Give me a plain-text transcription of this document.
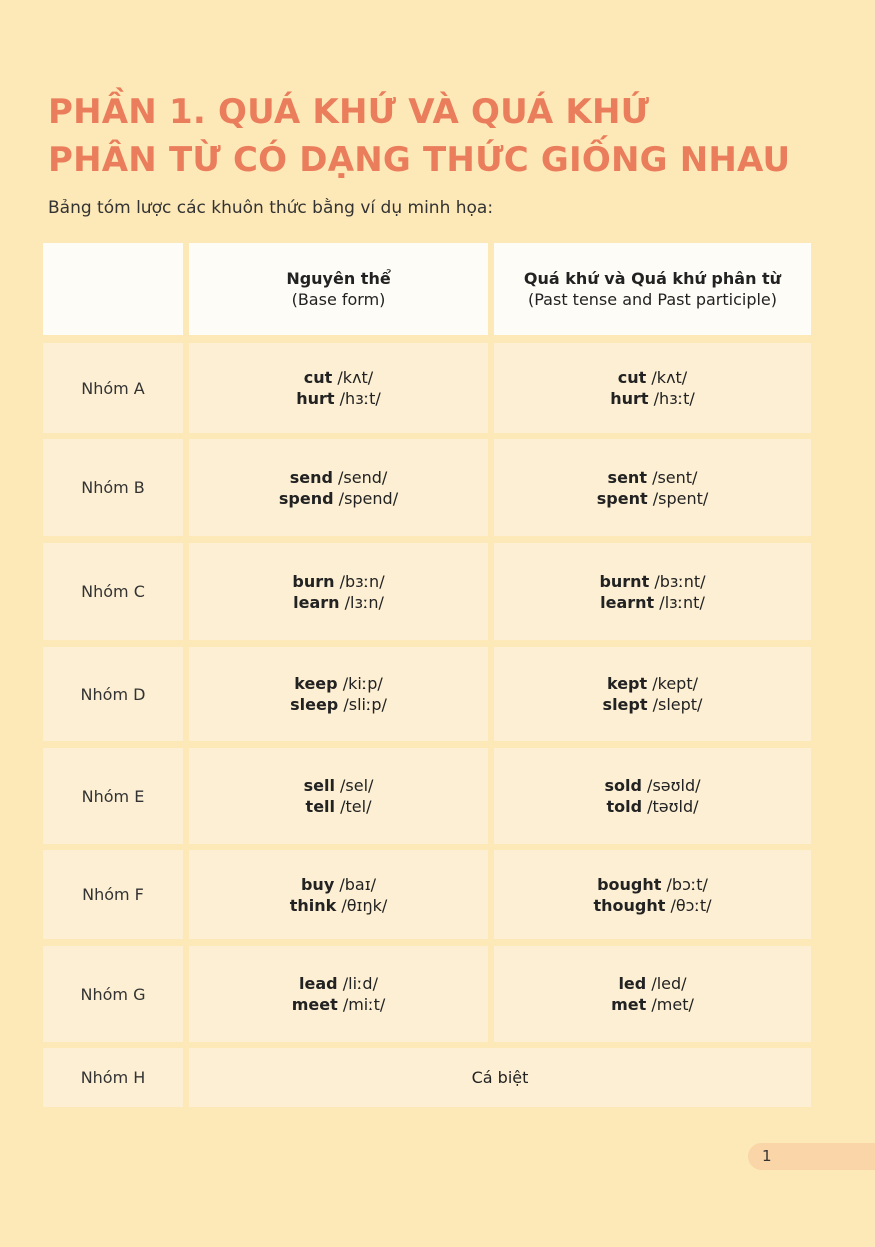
PHẦN 1. QUÁ KHỨ VÀ QUÁ KHỨ
PHÂN TỪ CÓ DẠNG THỨC GIỐNG NHAU

Bảng tóm lược các khuôn thức bằng ví dụ minh họa:

Nguyên thể
(Base form)
Quá khứ và Quá khứ phân từ
(Past tense and Past participle)
Nhóm A
cut /kʌt/
hurt /hɜːt/
cut /kʌt/
hurt /hɜːt/
Nhóm B
send /send/
spend /spend/
sent /sent/
spent /spent/
Nhóm C
burn /bɜːn/
learn /lɜːn/
burnt /bɜːnt/
learnt /lɜːnt/
Nhóm D
keep /kiːp/
sleep /sliːp/
kept /kept/
slept /slept/
Nhóm E
sell /sel/
tell /tel/
sold /səʊld/
told /təʊld/
Nhóm F
buy /baɪ/
think /θɪŋk/
bought /bɔːt/
thought /θɔːt/
Nhóm G
lead /liːd/
meet /miːt/
led /led/
met /met/
Nhóm H	Cá biệt
1
